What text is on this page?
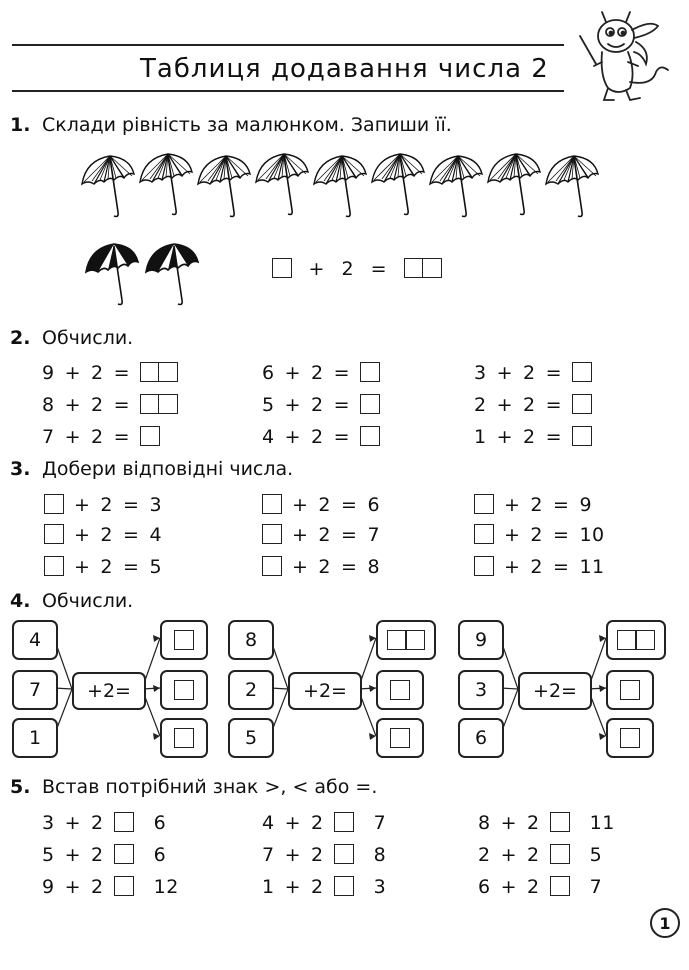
Таблиця додавання числа 2
1. Склади рівність за малюнком. Запиши її.
+ 2 =
2. Обчисли.
9 + 2 =
8 + 2 =
7 + 2 =
6 + 2 =
5 + 2 =
4 + 2 =
3 + 2 =
2 + 2 =
1 + 2 =
3. Добери відповідні числа.
+ 2 = 3
+ 2 = 4
+ 2 = 5
+ 2 = 6
+ 2 = 7
+ 2 = 8
+ 2 = 9
+ 2 = 10
+ 2 = 11
4. Обчисли.
4
7
1
+2=
8
2
5
+2=
9
3
6
+2=
5. Встав потрібний знак >, < або =.
3 + 2	6
5 + 2	6
9 + 2	12
4 + 2	7
7 + 2	8
1 + 2	3
8 + 2	11
2 + 2	5
6 + 2	7
1
